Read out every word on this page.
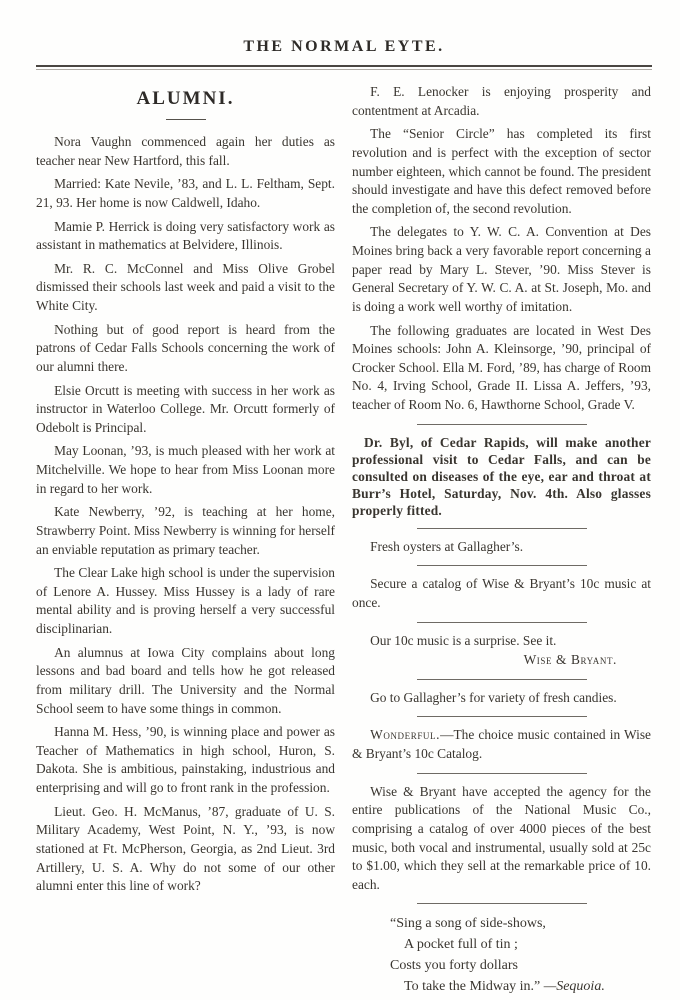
THE NORMAL EYTE.
ALUMNI.

Nora Vaughn commenced again her duties as teacher near New Hartford, this fall.

Married: Kate Nevile, ’83, and L. L. Feltham, Sept. 21, 93. Her home is now Caldwell, Idaho.

Mamie P. Herrick is doing very satisfactory work as assistant in mathematics at Belvidere, Illinois.

Mr. R. C. McConnel and Miss Olive Grobel dismissed their schools last week and paid a visit to the White City.

Nothing but of good report is heard from the patrons of Cedar Falls Schools concerning the work of our alumni there.

Elsie Orcutt is meeting with success in her work as instructor in Waterloo College. Mr. Orcutt formerly of Odebolt is Principal.

May Loonan, ’93, is much pleased with her work at Mitchelville. We hope to hear from Miss Loonan more in regard to her work.

Kate Newberry, ’92, is teaching at her home, Strawberry Point. Miss Newberry is winning for herself an enviable reputation as primary teacher.

The Clear Lake high school is under the supervision of Lenore A. Hussey. Miss Hussey is a lady of rare mental ability and is proving herself a very successful disciplinarian.

An alumnus at Iowa City complains about long lessons and bad board and tells how he got released from military drill. The University and the Normal School seem to have some things in common.

Hanna M. Hess, ’90, is winning place and power as Teacher of Mathematics in high school, Huron, S. Dakota. She is ambitious, painstaking, industrious and enterprising and will go to front rank in the profession.

Lieut. Geo. H. McManus, ’87, graduate of U. S. Military Academy, West Point, N. Y., ’93, is now stationed at Ft. McPherson, Georgia, as 2nd Lieut. 3rd Artillery, U. S. A. Why do not some of our other alumni enter this line of work?

F. E. Lenocker is enjoying prosperity and contentment at Arcadia.

The “Senior Circle” has completed its first revolution and is perfect with the exception of sector number eighteen, which cannot be found. The president should investigate and have this defect removed before the completion of, the second revolution.

The delegates to Y. W. C. A. Convention at Des Moines bring back a very favorable report concerning a paper read by Mary L. Stever, ’90. Miss Stever is General Secretary of Y. W. C. A. at St. Joseph, Mo. and is doing a work well worthy of imitation.

The following graduates are located in West Des Moines schools: John A. Kleinsorge, ’90, principal of Crocker School. Ella M. Ford, ’89, has charge of Room No. 4, Irving School, Grade II. Lissa A. Jeffers, ’93, teacher of Room No. 6, Hawthorne School, Grade V.

Dr. Byl, of Cedar Rapids, will make another professional visit to Cedar Falls, and can be consulted on diseases of the eye, ear and throat at Burr’s Hotel, Saturday, Nov. 4th. Also glasses properly fitted.

Fresh oysters at Gallagher’s.

Secure a catalog of Wise & Bryant’s 10c music at once.

Our 10c music is a surprise. See it.
Wise & Bryant.

Go to Gallagher’s for variety of fresh candies.

Wonderful.—The choice music contained in Wise & Bryant’s 10c Catalog.

Wise & Bryant have accepted the agency for the entire publications of the National Music Co., comprising a catalog of over 4000 pieces of the best music, both vocal and instrumental, usually sold at 25c to $1.00, which they sell at the remarkable price of 10. each.

“Sing a song of side-shows,
A pocket full of tin ;
Costs you forty dollars
To take the Midway in.” —Sequoia.
